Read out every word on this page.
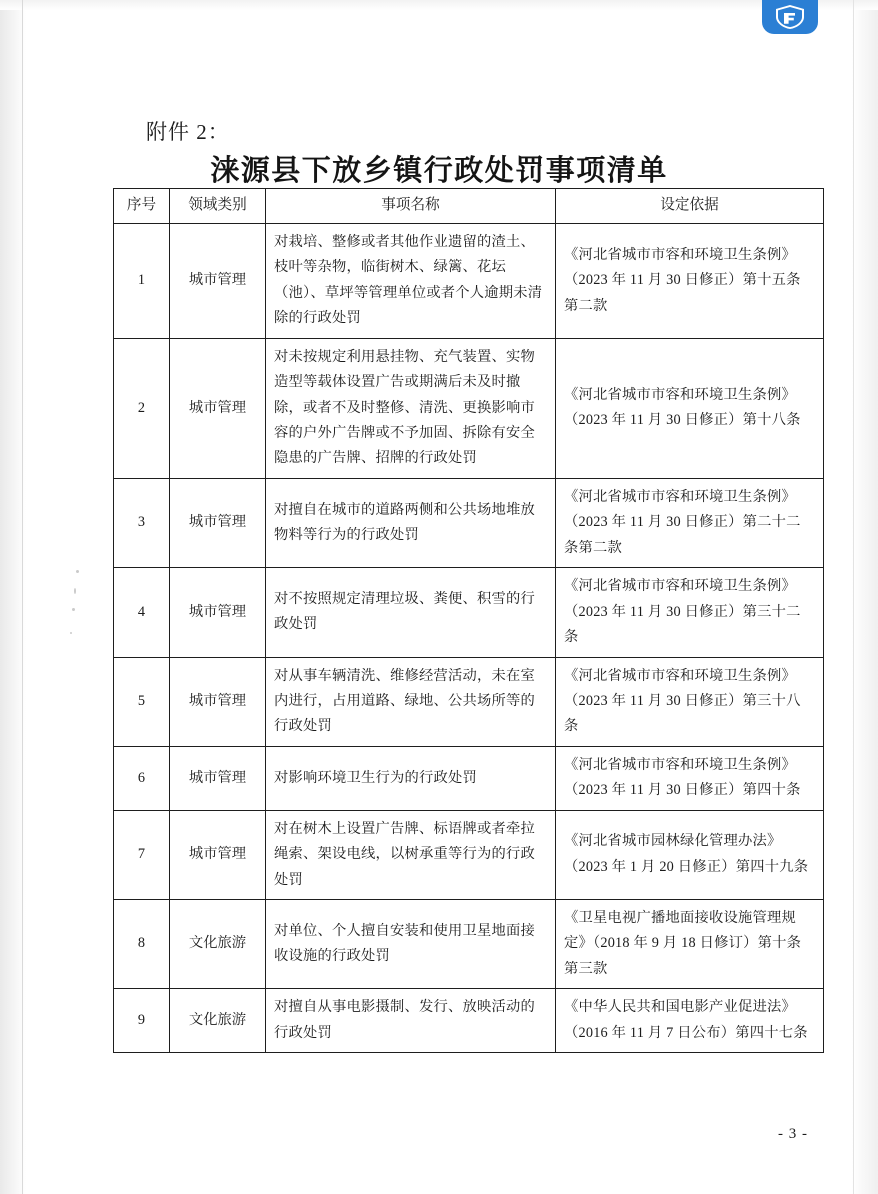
附件 2：
涞源县下放乡镇行政处罚事项清单
序号	领域类别	事项名称	设定依据
1	城市管理	对栽培、整修或者其他作业遗留的渣土、枝叶等杂物，临街树木、绿篱、花坛（池）、草坪等管理单位或者个人逾期未清除的行政处罚	《河北省城市市容和环境卫生条例》（2023 年 11 月 30 日修正）第十五条第二款
2	城市管理	对未按规定利用悬挂物、充气装置、实物造型等载体设置广告或期满后未及时撤除，或者不及时整修、清洗、更换影响市容的户外广告牌或不予加固、拆除有安全隐患的广告牌、招牌的行政处罚	《河北省城市市容和环境卫生条例》（2023 年 11 月 30 日修正）第十八条
3	城市管理	对擅自在城市的道路两侧和公共场地堆放物料等行为的行政处罚	《河北省城市市容和环境卫生条例》（2023 年 11 月 30 日修正）第二十二条第二款
4	城市管理	对不按照规定清理垃圾、粪便、积雪的行政处罚	《河北省城市市容和环境卫生条例》（2023 年 11 月 30 日修正）第三十二条
5	城市管理	对从事车辆清洗、维修经营活动，未在室内进行，占用道路、绿地、公共场所等的行政处罚	《河北省城市市容和环境卫生条例》（2023 年 11 月 30 日修正）第三十八条
6	城市管理	对影响环境卫生行为的行政处罚	《河北省城市市容和环境卫生条例》（2023 年 11 月 30 日修正）第四十条
7	城市管理	对在树木上设置广告牌、标语牌或者牵拉绳索、架设电线，以树承重等行为的行政处罚	《河北省城市园林绿化管理办法》（2023 年 1 月 20 日修正）第四十九条
8	文化旅游	对单位、个人擅自安装和使用卫星地面接收设施的行政处罚	《卫星电视广播地面接收设施管理规定》（2018 年 9 月 18 日修订）第十条第三款
9	文化旅游	对擅自从事电影摄制、发行、放映活动的行政处罚	《中华人民共和国电影产业促进法》（2016 年 11 月 7 日公布）第四十七条
- 3 -
